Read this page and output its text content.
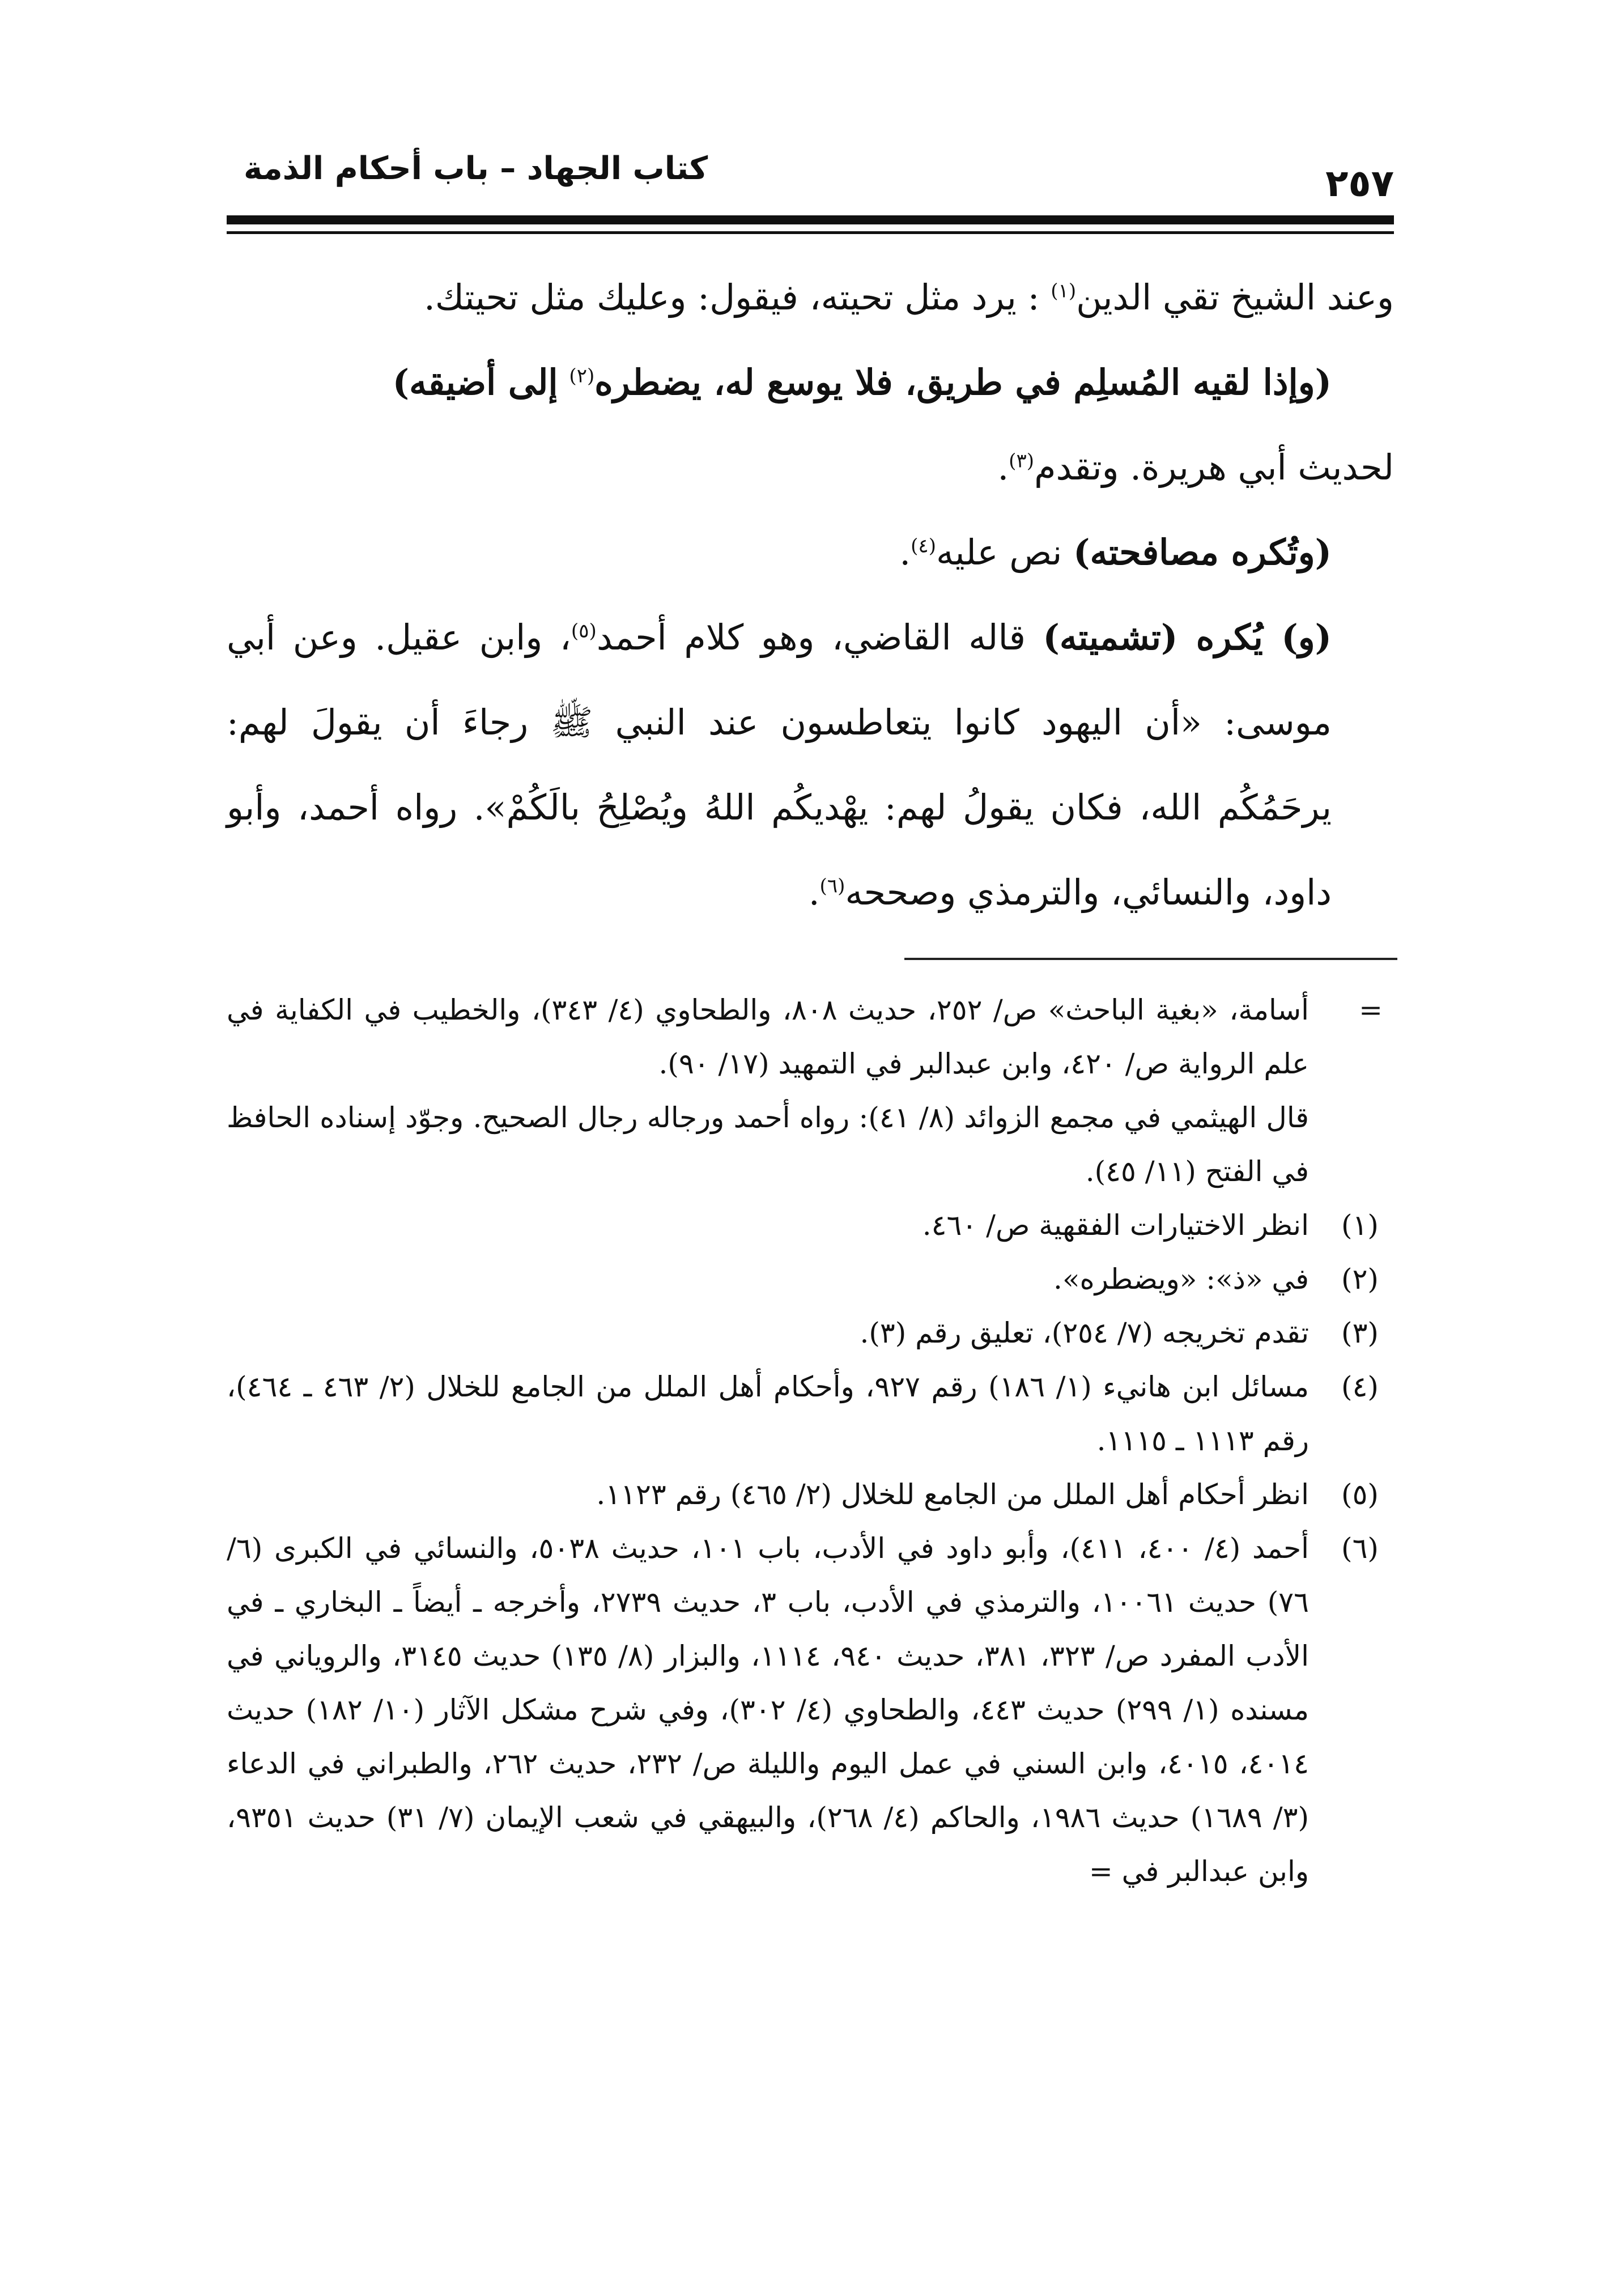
٢٥٧
كتاب الجهاد – باب أحكام الذمة

وعند الشيخ تقي الدين$^{(١)}$ : يرد مثل تحيته، فيقول: وعليك مثل تحيتك.

(وإذا لقيه المُسلِم في طريق، فلا يوسع له، يضطره$^{(٢)}$ إلى أضيقه)

لحديث أبي هريرة. وتقدم$^{(٣)}$.

(وتُكره مصافحته) نص عليه$^{(٤)}$.

(و) يُكره (تشميته) قاله القاضي، وهو كلام أحمد$^{(٥)}$، وابن عقيل. وعن أبي موسى: «أن اليهود كانوا يتعاطسون عند النبي ﷺ رجاءَ أن يقولَ لهم: يرحَمُكُم الله، فكان يقولُ لهم: يهْديكُم اللهُ ويُصْلِحُ بالَكُمْ». رواه أحمد، وأبو داود، والنسائي، والترمذي وصححه$^{(٦)}$.

=
أسامة، «بغية الباحث» ص/ ٢٥٢، حديث ٨٠٨، والطحاوي (٤/ ٣٤٣)، والخطيب في الكفاية في علم الرواية ص/ ٤٢٠، وابن عبدالبر في التمهيد (١٧/ ٩٠).

قال الهيثمي في مجمع الزوائد (٨/ ٤١): رواه أحمد ورجاله رجال الصحيح. وجوّد إسناده الحافظ في الفتح (١١/ ٤٥).

(١)
انظر الاختيارات الفقهية ص/ ٤٦٠.

(٢)
في «ذ»: «ويضطره».

(٣)
تقدم تخريجه (٧/ ٢٥٤)، تعليق رقم (٣).

(٤)
مسائل ابن هانيء (١/ ١٨٦) رقم ٩٢٧، وأحكام أهل الملل من الجامع للخلال (٢/ ٤٦٣ ـ ٤٦٤)، رقم ١١١٣ ـ ١١١٥.

(٥)
انظر أحكام أهل الملل من الجامع للخلال (٢/ ٤٦٥) رقم ١١٢٣.

(٦)
أحمد (٤/ ٤٠٠، ٤١١)، وأبو داود في الأدب، باب ١٠١، حديث ٥٠٣٨، والنسائي في الكبرى (٦/ ٧٦) حديث ١٠٠٦١، والترمذي في الأدب، باب ٣، حديث ٢٧٣٩، وأخرجه ـ أيضاً ـ البخاري ـ في الأدب المفرد ص/ ٣٢٣، ٣٨١، حديث ٩٤٠، ١١١٤، والبزار (٨/ ١٣٥) حديث ٣١٤٥، والروياني في مسنده (١/ ٢٩٩) حديث ٤٤٣، والطحاوي (٤/ ٣٠٢)، وفي شرح مشكل الآثار (١٠/ ١٨٢) حديث ٤٠١٤، ٤٠١٥، وابن السني في عمل اليوم والليلة ص/ ٢٣٢، حديث ٢٦٢، والطبراني في الدعاء (٣/ ١٦٨٩) حديث ١٩٨٦، والحاكم (٤/ ٢٦٨)، والبيهقي في شعب الإيمان (٧/ ٣١) حديث ٩٣٥١، وابن عبدالبر في =
